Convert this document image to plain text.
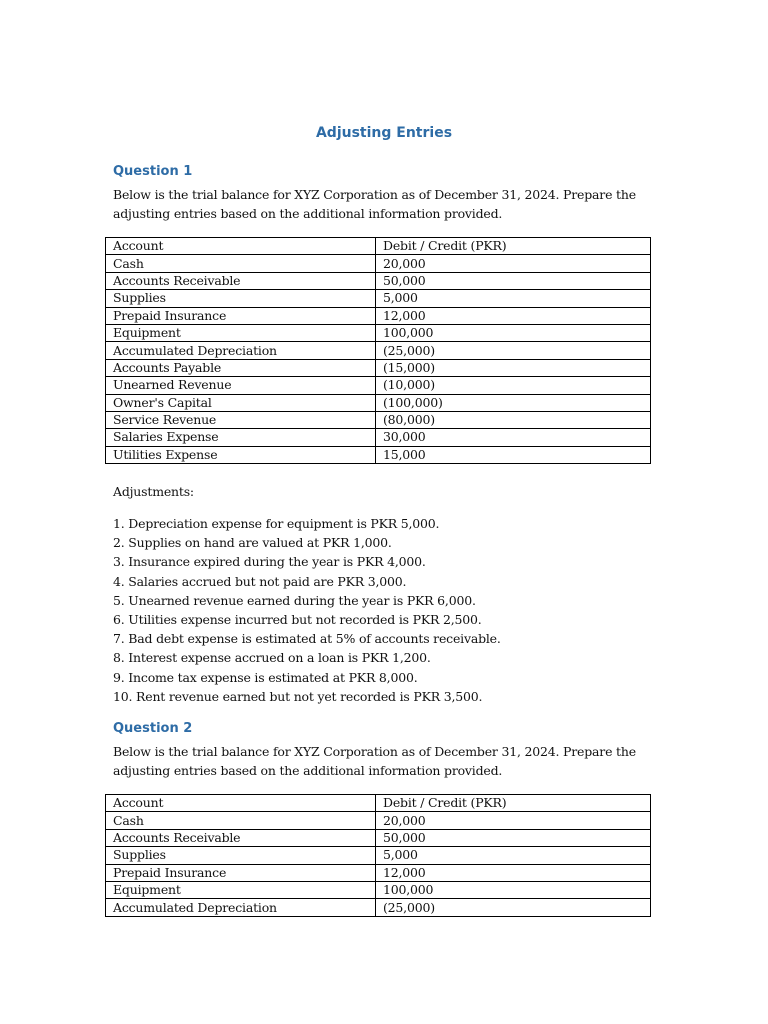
Adjusting Entries
Question 1
Below is the trial balance for XYZ Corporation as of December 31, 2024. Prepare the
adjusting entries based on the additional information provided.
Account	Debit / Credit (PKR)
Cash	20,000
Accounts Receivable	50,000
Supplies	5,000
Prepaid Insurance	12,000
Equipment	100,000
Accumulated Depreciation	(25,000)
Accounts Payable	(15,000)
Unearned Revenue	(10,000)
Owner's Capital	(100,000)
Service Revenue	(80,000)
Salaries Expense	30,000
Utilities Expense	15,000
Adjustments:
1. Depreciation expense for equipment is PKR 5,000.
2. Supplies on hand are valued at PKR 1,000.
3. Insurance expired during the year is PKR 4,000.
4. Salaries accrued but not paid are PKR 3,000.
5. Unearned revenue earned during the year is PKR 6,000.
6. Utilities expense incurred but not recorded is PKR 2,500.
7. Bad debt expense is estimated at 5% of accounts receivable.
8. Interest expense accrued on a loan is PKR 1,200.
9. Income tax expense is estimated at PKR 8,000.
10. Rent revenue earned but not yet recorded is PKR 3,500.
Question 2
Below is the trial balance for XYZ Corporation as of December 31, 2024. Prepare the
adjusting entries based on the additional information provided.
Account	Debit / Credit (PKR)
Cash	20,000
Accounts Receivable	50,000
Supplies	5,000
Prepaid Insurance	12,000
Equipment	100,000
Accumulated Depreciation	(25,000)
